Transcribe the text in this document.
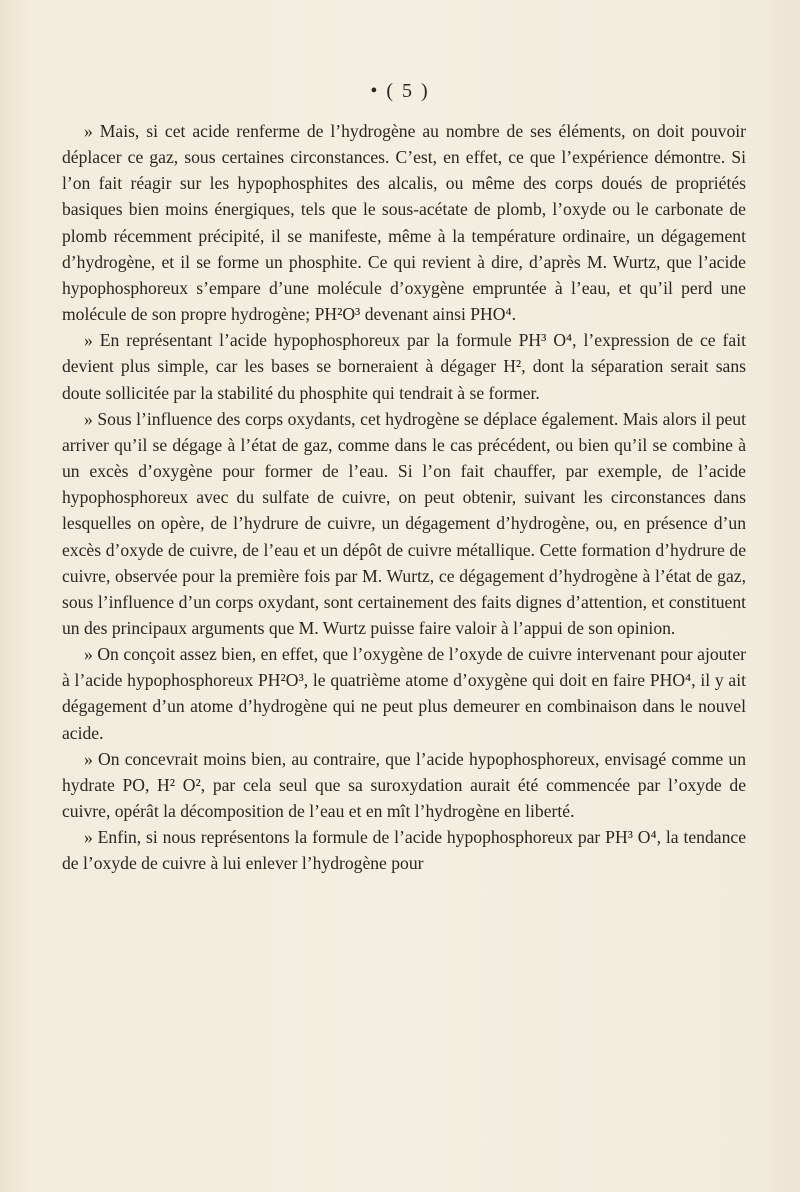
• ( 5 )

» Mais, si cet acide renferme de l’hydrogène au nombre de ses éléments, on doit pouvoir déplacer ce gaz, sous certaines circonstances. C’est, en effet, ce que l’expérience démontre. Si l’on fait réagir sur les hypophosphites des alcalis, ou même des corps doués de propriétés basiques bien moins énergiques, tels que le sous-acétate de plomb, l’oxyde ou le carbonate de plomb récemment précipité, il se manifeste, même à la température ordinaire, un dégagement d’hydrogène, et il se forme un phosphite. Ce qui revient à dire, d’après M. Wurtz, que l’acide hypophosphoreux s’empare d’une molécule d’oxygène empruntée à l’eau, et qu’il perd une molécule de son propre hydrogène; PH²O³ devenant ainsi PHO⁴.

» En représentant l’acide hypophosphoreux par la formule PH³ O⁴, l’expression de ce fait devient plus simple, car les bases se borneraient à dégager H², dont la séparation serait sans doute sollicitée par la stabilité du phosphite qui tendrait à se former.

» Sous l’influence des corps oxydants, cet hydrogène se déplace également. Mais alors il peut arriver qu’il se dégage à l’état de gaz, comme dans le cas précédent, ou bien qu’il se combine à un excès d’oxygène pour former de l’eau. Si l’on fait chauffer, par exemple, de l’acide hypophosphoreux avec du sulfate de cuivre, on peut obtenir, suivant les circonstances dans lesquelles on opère, de l’hydrure de cuivre, un dégagement d’hydrogène, ou, en présence d’un excès d’oxyde de cuivre, de l’eau et un dépôt de cuivre métallique. Cette formation d’hydrure de cuivre, observée pour la première fois par M. Wurtz, ce dégagement d’hydrogène à l’état de gaz, sous l’influence d’un corps oxydant, sont certainement des faits dignes d’attention, et constituent un des principaux arguments que M. Wurtz puisse faire valoir à l’appui de son opinion.

» On conçoit assez bien, en effet, que l’oxygène de l’oxyde de cuivre intervenant pour ajouter à l’acide hypophosphoreux PH²O³, le quatrième atome d’oxygène qui doit en faire PHO⁴, il y ait dégagement d’un atome d’hydrogène qui ne peut plus demeurer en combinaison dans le nouvel acide.

» On concevrait moins bien, au contraire, que l’acide hypophosphoreux, envisagé comme un hydrate PO, H² O², par cela seul que sa suroxydation aurait été commencée par l’oxyde de cuivre, opérât la décomposition de l’eau et en mît l’hydrogène en liberté.

» Enfin, si nous représentons la formule de l’acide hypophosphoreux par PH³ O⁴, la tendance de l’oxyde de cuivre à lui enlever l’hydrogène pour
